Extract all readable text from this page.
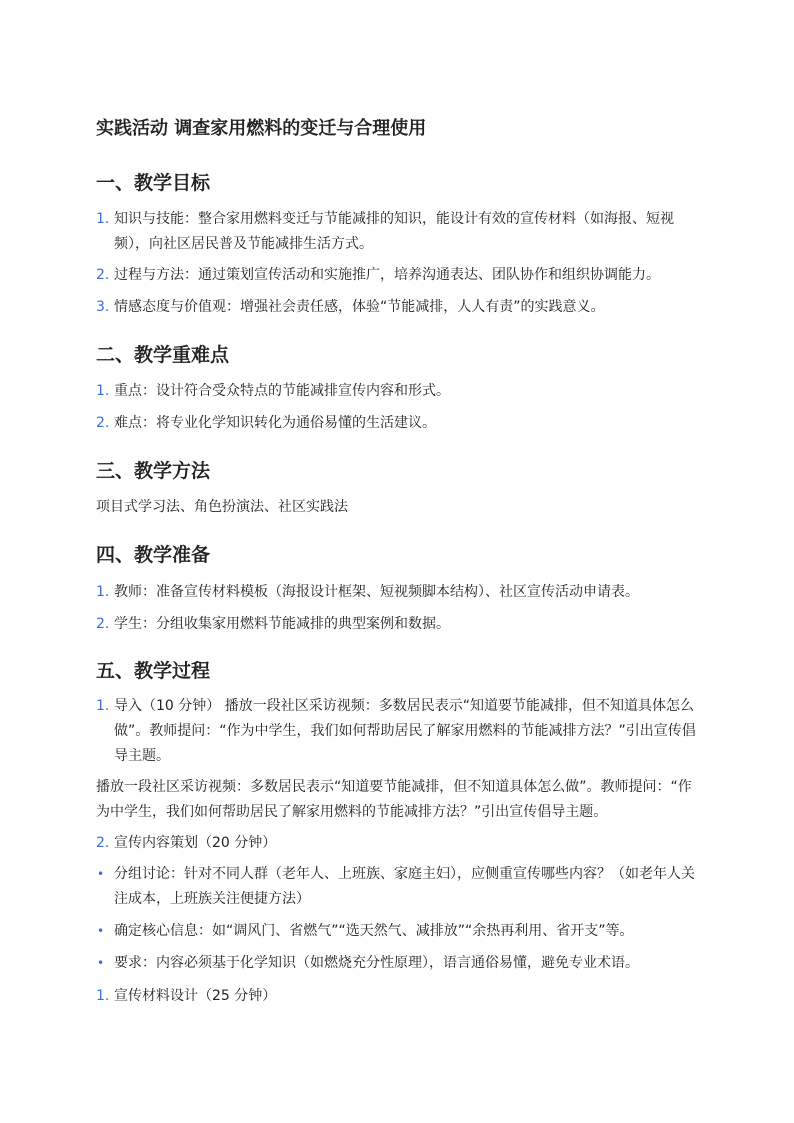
实践活动 调查家用燃料的变迁与合理使用
一、教学目标
1. 知识与技能：整合家用燃料变迁与节能减排的知识，能设计有效的宣传材料（如海报、短视频），向社区居民普及节能减排生活方式。
2. 过程与方法：通过策划宣传活动和实施推广，培养沟通表达、团队协作和组织协调能力。
3. 情感态度与价值观：增强社会责任感，体验“节能减排，人人有责”的实践意义。
二、教学重难点
1. 重点：设计符合受众特点的节能减排宣传内容和形式。
2. 难点：将专业化学知识转化为通俗易懂的生活建议。
三、教学方法
项目式学习法、角色扮演法、社区实践法
四、教学准备
1. 教师：准备宣传材料模板（海报设计框架、短视频脚本结构）、社区宣传活动申请表。
2. 学生：分组收集家用燃料节能减排的典型案例和数据。
五、教学过程
1. 导入（10 分钟） 播放一段社区采访视频：多数居民表示“知道要节能减排，但不知道具体怎么做”。教师提问：“作为中学生，我们如何帮助居民了解家用燃料的节能减排方法？”引出宣传倡导主题。
播放一段社区采访视频：多数居民表示“知道要节能减排，但不知道具体怎么做”。教师提问：“作为中学生，我们如何帮助居民了解家用燃料的节能减排方法？”引出宣传倡导主题。
2. 宣传内容策划（20 分钟）
• 分组讨论：针对不同人群（老年人、上班族、家庭主妇），应侧重宣传哪些内容？（如老年人关注成本，上班族关注便捷方法）
• 确定核心信息：如“调风门、省燃气”“选天然气、减排放”“余热再利用、省开支”等。
• 要求：内容必须基于化学知识（如燃烧充分性原理），语言通俗易懂，避免专业术语。
1. 宣传材料设计（25 分钟）
